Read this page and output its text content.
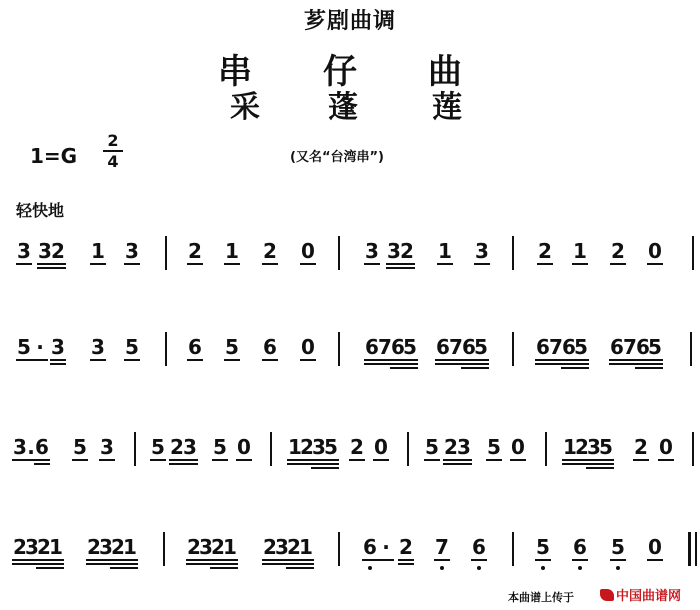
芗剧曲调
串 仔 曲
采 蓬 莲
1=G
2
4	(又名“台湾串”)
轻快地
3 3 2 1 3 2 1 2 0	3 3 2 1 3 2 1 2 0
5 · 3 3 5 6 5 6 0	6 7 6
5 6 7 6
5 6 7 6
5 6 7 6
5
3 . 6 5 3 5 2 3 5 0 1
2
3
5 2 0 5 2 3 5 0 1
2
3
5 2 0
2
3
2
1 2
3
2
1	2
3
2
1 2
3
2
1	6 · 2 7 6	5 6 5 0
本曲谱上传于	中国曲谱网
